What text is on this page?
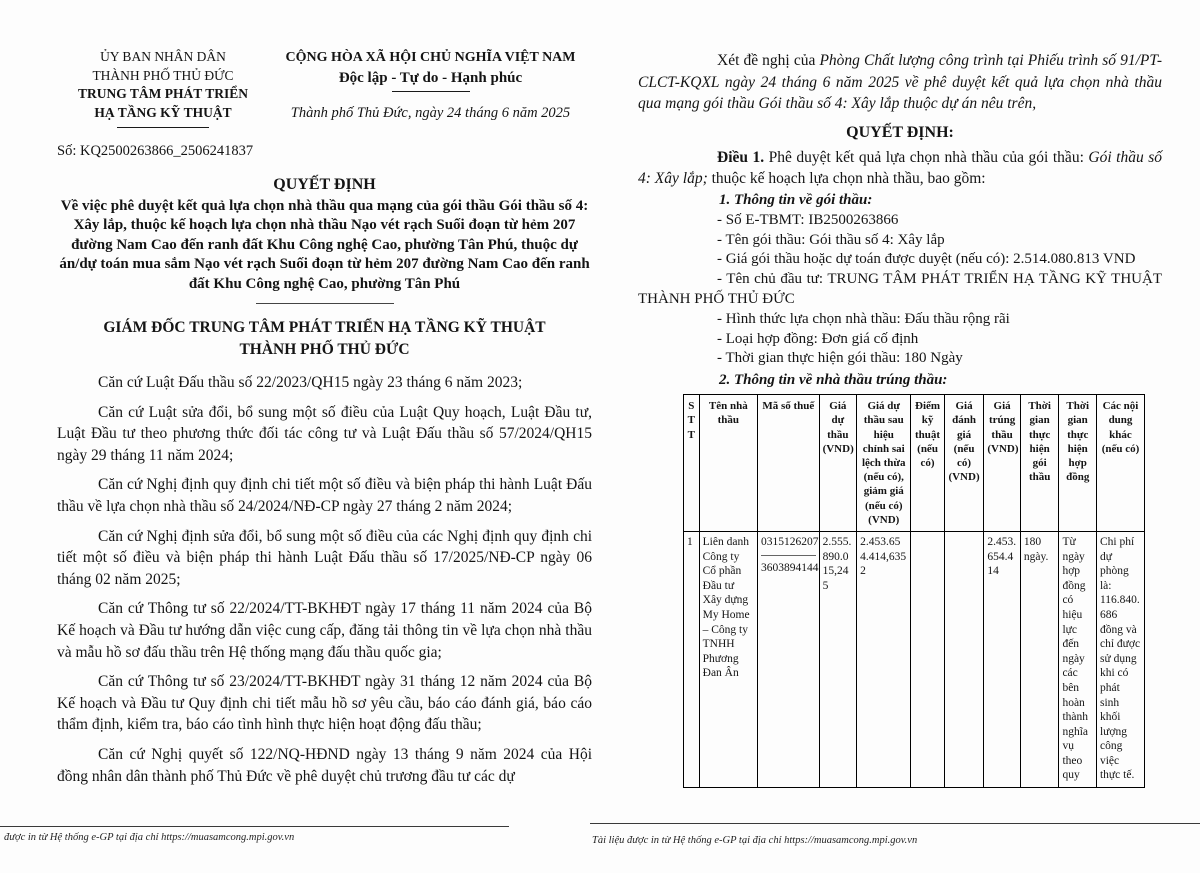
ỦY BAN NHÂN DÂN
THÀNH PHỐ THỦ ĐỨC
TRUNG TÂM PHÁT TRIỂN
HẠ TẦNG KỸ THUẬT
CỘNG HÒA XÃ HỘI CHỦ NGHĨA VIỆT NAM
Độc lập - Tự do - Hạnh phúc
Thành phố Thủ Đức, ngày 24 tháng 6 năm 2025
Số: KQ2500263866_2506241837
QUYẾT ĐỊNH
Về việc phê duyệt kết quả lựa chọn nhà thầu qua mạng của gói thầu Gói thầu số 4: Xây lắp, thuộc kế hoạch lựa chọn nhà thầu Nạo vét rạch Suối đoạn từ hẻm 207 đường Nam Cao đến ranh đất Khu Công nghệ Cao, phường Tân Phú, thuộc dự án/dự toán mua sắm Nạo vét rạch Suối đoạn từ hẻm 207 đường Nam Cao đến ranh đất Khu Công nghệ Cao, phường Tân Phú
GIÁM ĐỐC TRUNG TÂM PHÁT TRIỂN HẠ TẦNG KỸ THUẬT
THÀNH PHỐ THỦ ĐỨC

Căn cứ Luật Đấu thầu số 22/2023/QH15 ngày 23 tháng 6 năm 2023;

Căn cứ Luật sửa đổi, bổ sung một số điều của Luật Quy hoạch, Luật Đầu tư, Luật Đầu tư theo phương thức đối tác công tư và Luật Đấu thầu số 57/2024/QH15 ngày 29 tháng 11 năm 2024;

Căn cứ Nghị định quy định chi tiết một số điều và biện pháp thi hành Luật Đấu thầu về lựa chọn nhà thầu số 24/2024/NĐ-CP ngày 27 tháng 2 năm 2024;

Căn cứ Nghị định sửa đổi, bổ sung một số điều của các Nghị định quy định chi tiết một số điều và biện pháp thi hành Luật Đấu thầu số 17/2025/NĐ-CP ngày 06 tháng 02 năm 2025;

Căn cứ Thông tư số 22/2024/TT-BKHĐT ngày 17 tháng 11 năm 2024 của Bộ Kế hoạch và Đầu tư hướng dẫn việc cung cấp, đăng tải thông tin về lựa chọn nhà thầu và mẫu hồ sơ đấu thầu trên Hệ thống mạng đấu thầu quốc gia;

Căn cứ Thông tư số 23/2024/TT-BKHĐT ngày 31 tháng 12 năm 2024 của Bộ Kế hoạch và Đầu tư Quy định chi tiết mẫu hồ sơ yêu cầu, báo cáo đánh giá, báo cáo thẩm định, kiểm tra, báo cáo tình hình thực hiện hoạt động đấu thầu;

Căn cứ Nghị quyết số 122/NQ-HĐND ngày 13 tháng 9 năm 2024 của Hội đồng nhân dân thành phố Thủ Đức về phê duyệt chủ trương đầu tư các dự

Xét đề nghị của Phòng Chất lượng công trình tại Phiếu trình số 91/PT-CLCT-KQXL ngày 24 tháng 6 năm 2025 về phê duyệt kết quả lựa chọn nhà thầu qua mạng gói thầu Gói thầu số 4: Xây lắp thuộc dự án nêu trên,

QUYẾT ĐỊNH:

Điều 1. Phê duyệt kết quả lựa chọn nhà thầu của gói thầu: Gói thầu số 4: Xây lắp; thuộc kế hoạch lựa chọn nhà thầu, bao gồm:

1. Thông tin về gói thầu:

- Số E-TBMT: IB2500263866

- Tên gói thầu: Gói thầu số 4: Xây lắp

- Giá gói thầu hoặc dự toán được duyệt (nếu có): 2.514.080.813 VND

- Tên chủ đầu tư: TRUNG TÂM PHÁT TRIỂN HẠ TẦNG KỸ THUẬT THÀNH PHỐ THỦ ĐỨC

- Hình thức lựa chọn nhà thầu: Đấu thầu rộng rãi

- Loại hợp đồng: Đơn giá cố định

- Thời gian thực hiện gói thầu: 180 Ngày

2. Thông tin về nhà thầu trúng thầu:

STT	Tên nhà thầu	Mã số thuế	Giá dự thầu (VND)	Giá dự thầu sau hiệu chỉnh sai lệch thừa (nếu có), giảm giá (nếu có) (VND)	Điểm kỹ thuật (nếu có)	Giá đánh giá (nếu có) (VND)	Giá trúng thầu (VND)	Thời gian thực hiện gói thầu	Thời gian thực hiện hợp đồng	Các nội dung khác (nếu có)
1	Liên danh Công ty Cổ phần Đầu tư Xây dựng My Home – Công ty TNHH Phương Đan Ân	0315126207
3603894144	2.555.890.015,245	2.453.654.414,6352			2.453.654.414	180 ngày.	Từ ngày hợp đồng có hiệu lực đến ngày các bên hoàn thành nghĩa vụ theo quy	Chi phí dự phòng là: 116.840.686 đồng và chỉ được sử dụng khi có phát sinh khối lượng công việc thực tế.
được in từ Hệ thống e-GP tại địa chỉ https://muasamcong.mpi.gov.vn	Tài liệu được in từ Hệ thống e-GP tại địa chỉ https://muasamcong.mpi.gov.vn
